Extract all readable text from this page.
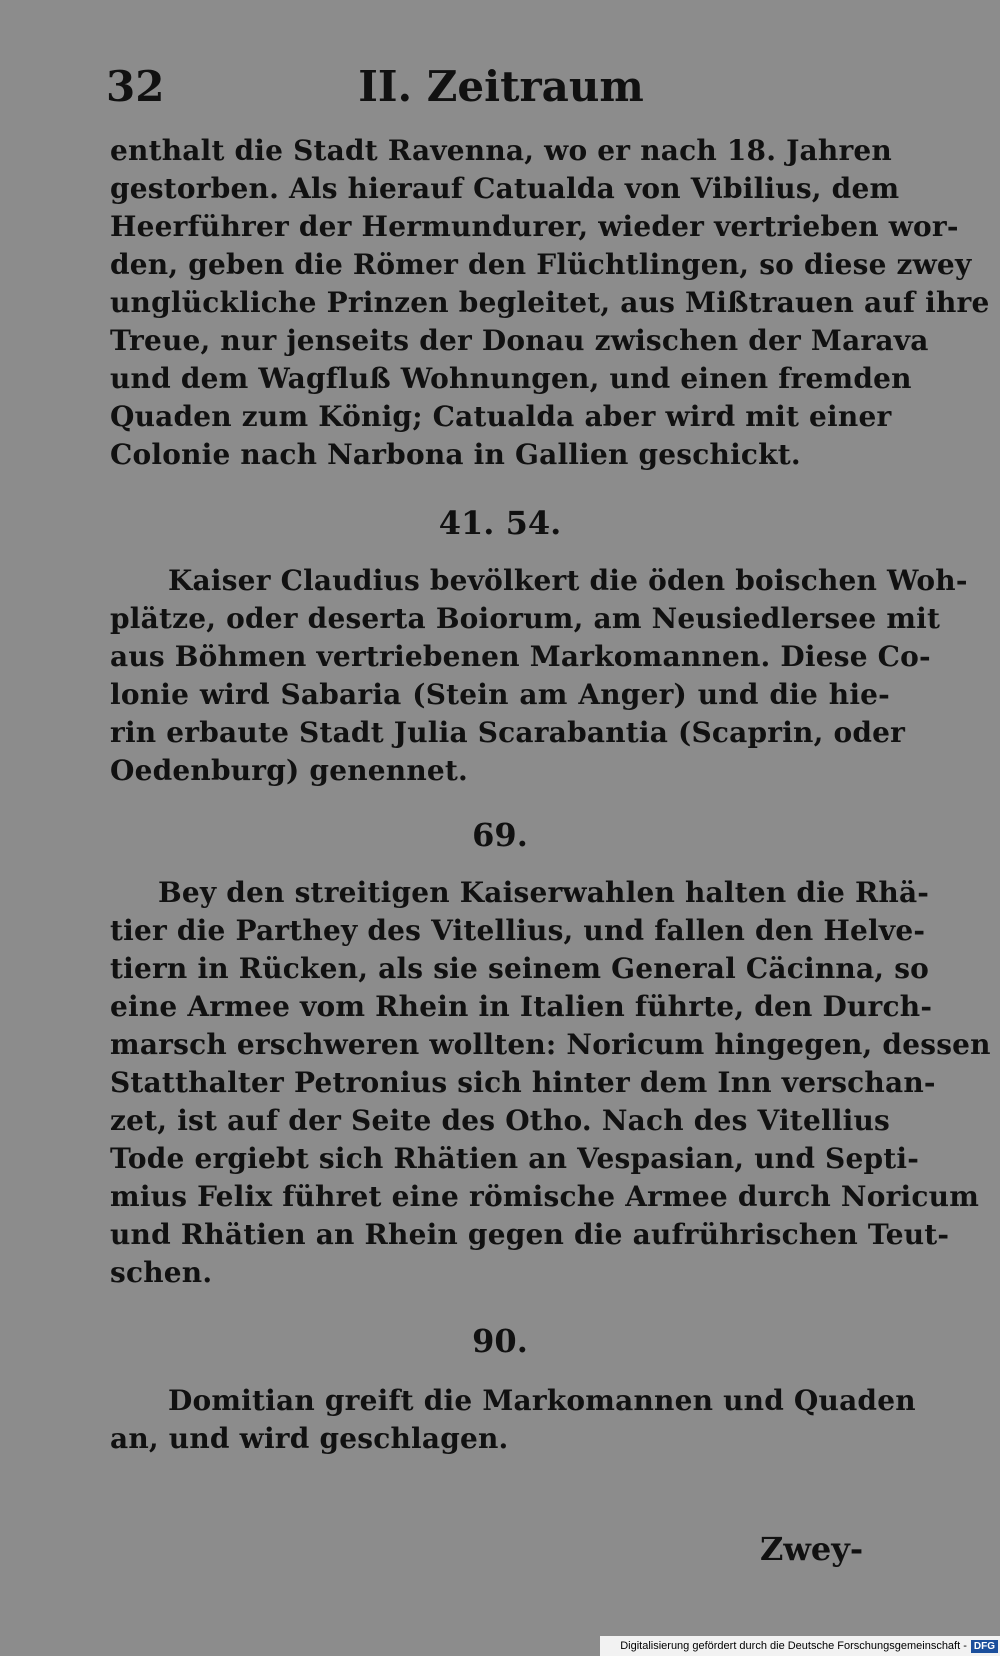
32	II. Zeitraum
enthalt die Stadt Ravenna, wo er nach 18. Jahren
gestorben. Als hierauf Catualda von Vibilius, dem
Heerführer der Hermundurer, wieder vertrieben wor-
den, geben die Römer den Flüchtlingen, so diese zwey
unglückliche Prinzen begleitet, aus Mißtrauen auf ihre
Treue, nur jenseits der Donau zwischen der Marava
und dem Wagfluß Wohnungen, und einen fremden
Quaden zum König; Catualda aber wird mit einer
Colonie nach Narbona in Gallien geschickt.
41. 54.
Kaiser Claudius bevölkert die öden boischen Woh-
plätze, oder deserta Boiorum, am Neusiedlersee mit
aus Böhmen vertriebenen Markomannen. Diese Co-
lonie wird Sabaria (Stein am Anger) und die hie-
rin erbaute Stadt Julia Scarabantia (Scaprin, oder
Oedenburg) genennet.
69.
Bey den streitigen Kaiserwahlen halten die Rhä-
tier die Parthey des Vitellius, und fallen den Helve-
tiern in Rücken, als sie seinem General Cäcinna, so
eine Armee vom Rhein in Italien führte, den Durch-
marsch erschweren wollten: Noricum hingegen, dessen
Statthalter Petronius sich hinter dem Inn verschan-
zet, ist auf der Seite des Otho. Nach des Vitellius
Tode ergiebt sich Rhätien an Vespasian, und Septi-
mius Felix führet eine römische Armee durch Noricum
und Rhätien an Rhein gegen die aufrührischen Teut-
schen.
90.
Domitian greift die Markomannen und Quaden
an, und wird geschlagen.
Zwey-
Digitalisierung gefördert durch die Deutsche Forschungsgemeinschaft - DFG
